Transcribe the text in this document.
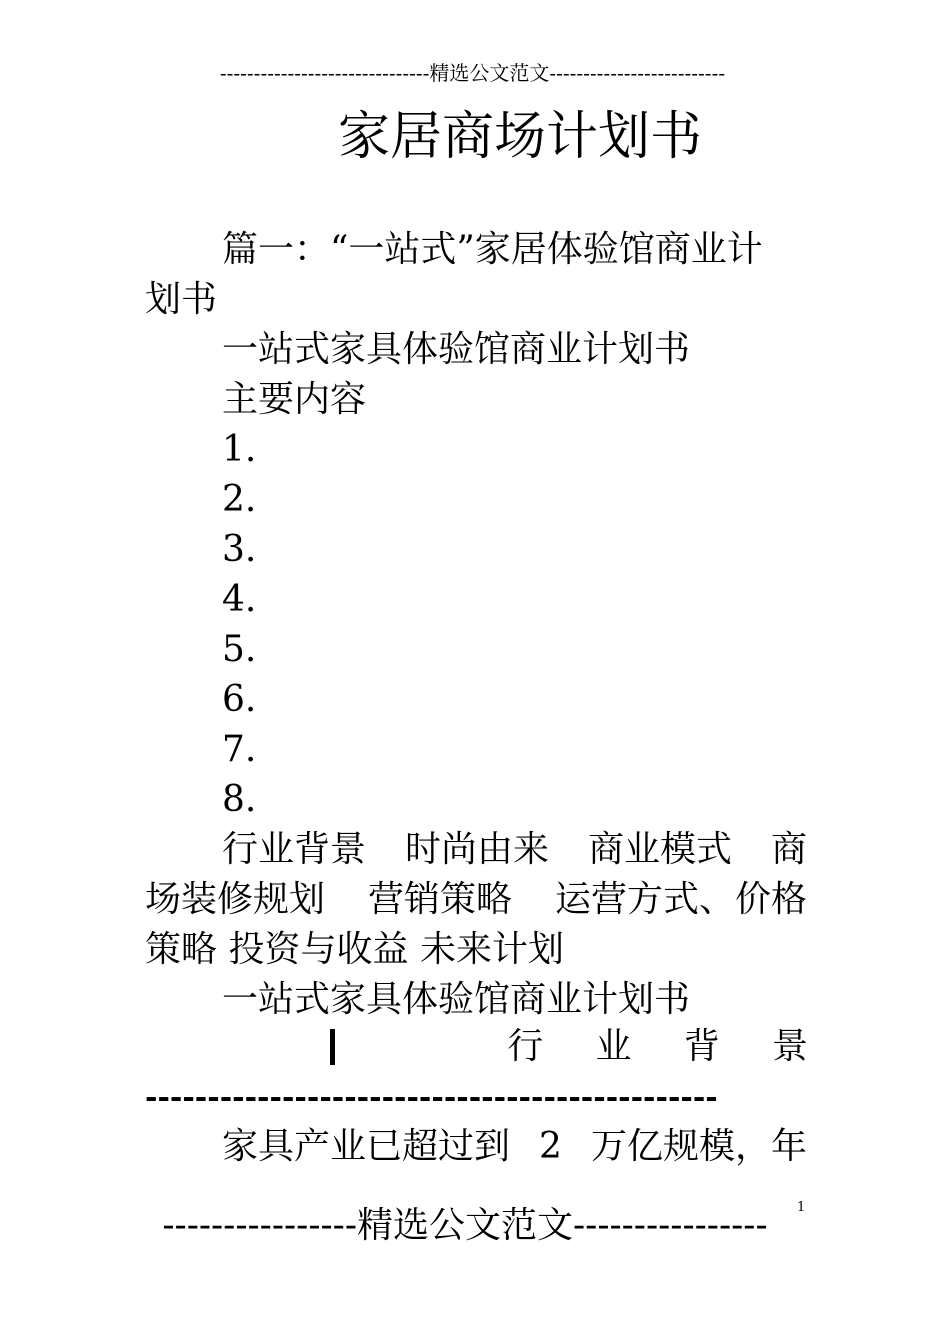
-------------------------------精选公文范文--------------------------
家居商场计划书
篇一：“一站式”家居体验馆商业计
划书
一站式家具体验馆商业计划书
主要内容
1.
2.
3.
4.
5.
6.
7.
8.
行业背景 时尚由来 商业模式 商
场装修规划 营销策略 运营方式、价格
策略 投资与收益 未来计划
一站式家具体验馆商业计划书
行 业 背 景
----------------------------------------------
家具产业已超过到 2 万亿规模，年
----------------精选公文范文----------------	1
